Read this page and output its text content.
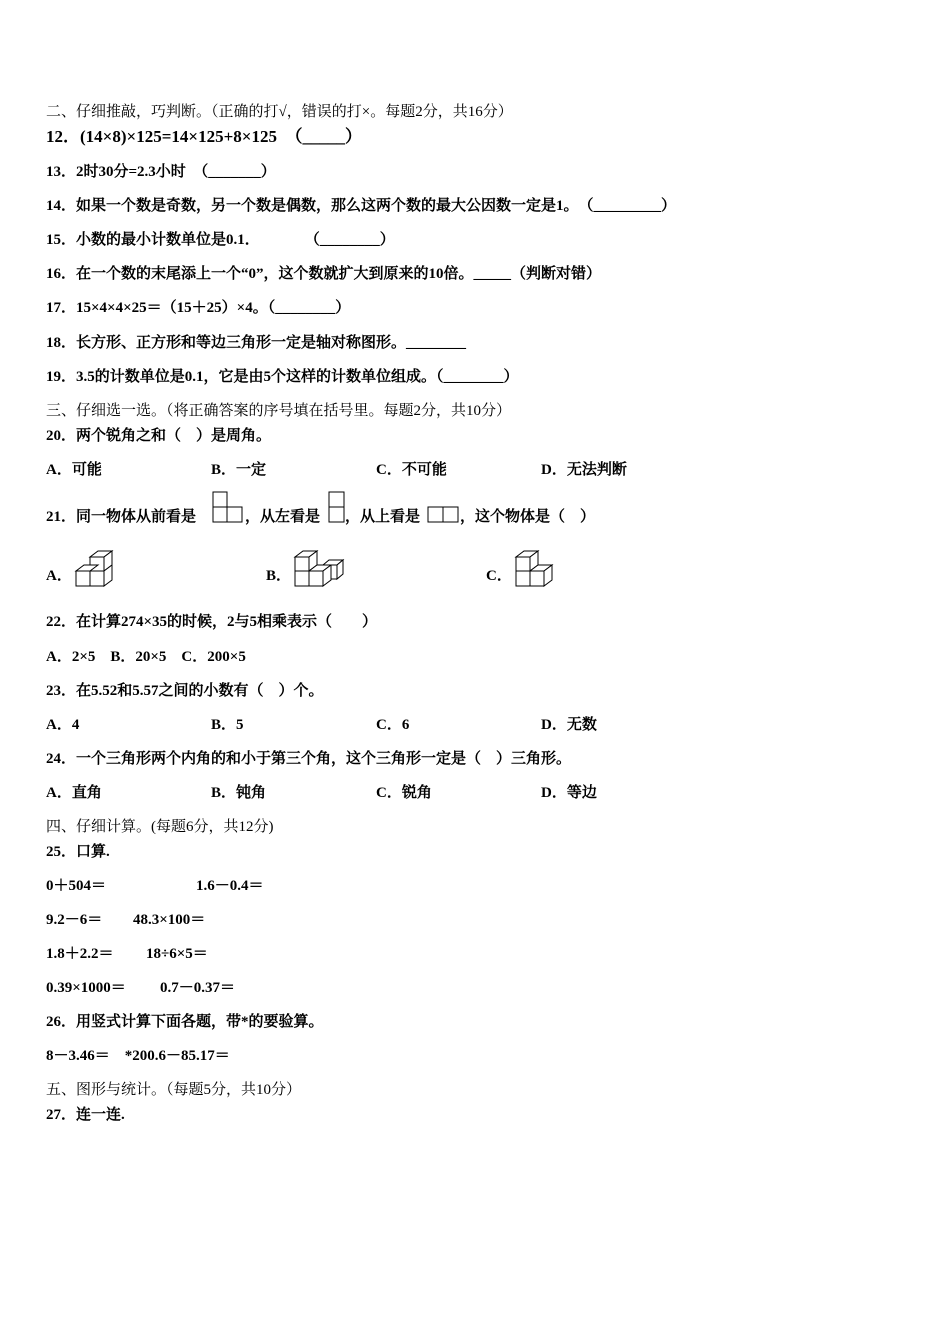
二、仔细推敲，巧判断。（正确的打√，错误的打×。每题2分，共16分）
12．(14×8)×125=14×125+8×125　（_____）
13．2时30分=2.3小时　（_______）
14．如果一个数是奇数，另一个数是偶数，那么这两个数的最大公因数一定是1。　（_________）
15．小数的最小计数单位是0.1．　　　　（________）
16．在一个数的末尾添上一个“0”，这个数就扩大到原来的10倍。_____（判断对错）
17．15×4×4×25＝（15＋25）×4。（________）
18．长方形、正方形和等边三角形一定是轴对称图形。________
19．3.5的计数单位是0.1，它是由5个这样的计数单位组成。（________）
三、仔细选一选。（将正确答案的序号填在括号里。每题2分，共10分）
20．两个锐角之和（　）是周角。
A．可能	B．一定	C．不可能	D．无法判断
21．同一物体从前看是	，从左看是 ，从上看是	，这个物体是（　）
A．	B．	C．
22．在计算274×35的时候，2与5相乘表示（　　）
A．2×5　B．20×5　C．200×5
23．在5.52和5.57之间的小数有（　）个。
A．4	B．5	C．6	D．无数
24．一个三角形两个内角的和小于第三个角，这个三角形一定是（　）三角形。
A．直角	B．钝角	C．锐角	D．等边
四、仔细计算。(每题6分，共12分)
25．口算.
0＋504＝	1.6－0.4＝
9.2－6＝ 48.3×100＝
1.8＋2.2＝ 18÷6×5＝
0.39×1000＝ 0.7－0.37＝
26．用竖式计算下面各题，带*的要验算。
8－3.46＝　*200.6－85.17＝
五、图形与统计。（每题5分，共10分）
27．连一连.
